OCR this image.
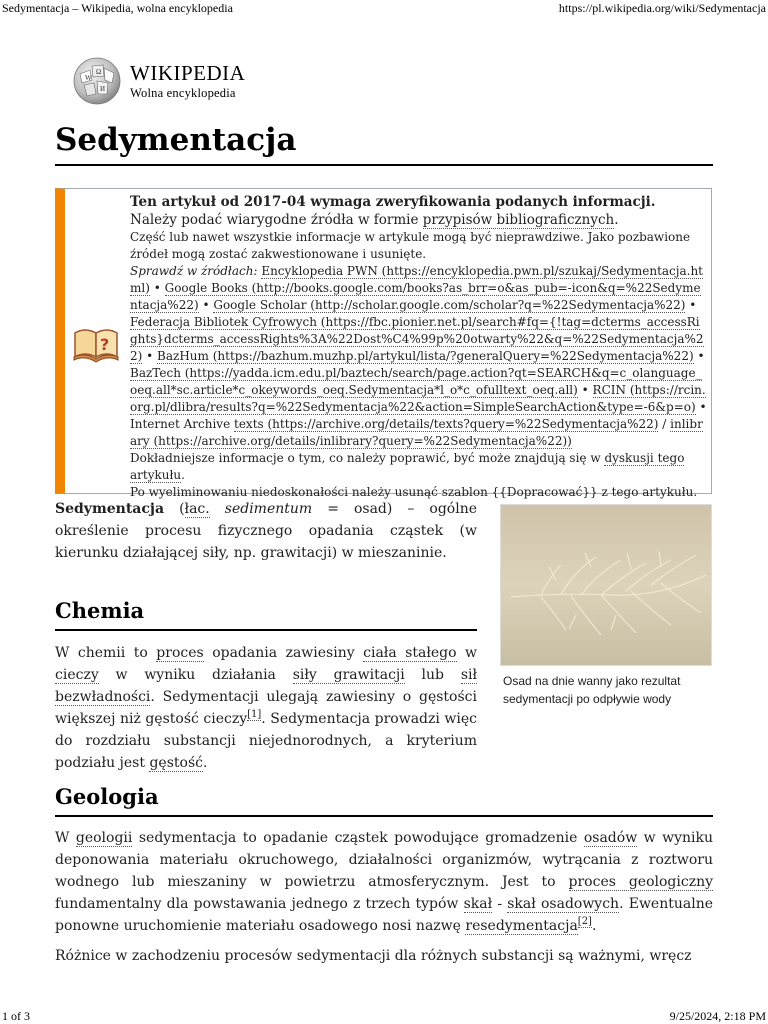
Sedymentacja – Wikipedia, wolna encyklopedia	https://pl.wikipedia.org/wiki/Sedymentacja
W
Ω
И
WIKIPEDIA
Wolna encyklopedia
Sedymentacja
?

Ten artykuł od 2017-04 wymaga zweryfikowania podanych informacji.

Należy podać wiarygodne źródła w formie przypisów bibliograficznych.

Część lub nawet wszystkie informacje w artykule mogą być nieprawdziwe. Jako pozbawione źródeł mogą zostać zakwestionowane i usunięte.

Sprawdź w źródłach: Encyklopedia PWN (https://encyklopedia.pwn.pl/szukaj/Sedymentacja.html) • Google Books (http://books.google.com/books?as_brr=o&as_pub=-icon&q=%22Sedymentacja%22) • Google Scholar (http://scholar.google.com/scholar?q=%22Sedymentacja%22) • Federacja Bibliotek Cyfrowych (https://fbc.pionier.net.pl/search#fq={!tag=dcterms_accessRights}dcterms_accessRights%3A%22Dost%C4%99p%20otwarty%22&q=%22Sedymentacja%22) • BazHum (https://bazhum.muzhp.pl/artykul/lista/?generalQuery=%22Sedymentacja%22) • BazTech (https://yadda.icm.edu.pl/baztech/search/page.action?qt=SEARCH&q=c_olanguage_oeq.all*sc.article*c_okeywords_oeq.Sedymentacja*l_o*c_ofulltext_oeq.all) • RCIN (https://rcin.org.pl/dlibra/results?q=%22Sedymentacja%22&action=SimpleSearchAction&type=-6&p=o) • Internet Archive texts (https://archive.org/details/texts?query=%22Sedymentacja%22) / inlibrary (https://archive.org/details/inlibrary?query=%22Sedymentacja%22))

Dokładniejsze informacje o tym, co należy poprawić, być może znajdują się w dyskusji tego artykułu.

Po wyeliminowaniu niedoskonałości należy usunąć szablon {{Dopracować}} z tego artykułu.

Sedymentacja (łac. sedimentum = osad) – ogólne określenie procesu fizycznego opadania cząstek (w kierunku działającej siły, np. grawitacji) w mieszaninie.

Osad na dnie wanny jako rezultat sedymentacji po odpływie wody
Chemia

W chemii to proces opadania zawiesiny ciała stałego w cieczy w wyniku działania siły grawitacji lub sił bezwładności. Sedymentacji ulegają zawiesiny o gęstości większej niż gęstość cieczy[1]. Sedymentacja prowadzi więc do rozdziału substancji niejednorodnych, a kryterium podziału jest gęstość.

Geologia

W geologii sedymentacja to opadanie cząstek powodujące gromadzenie osadów w wyniku deponowania materiału okruchowego, działalności organizmów, wytrącania z roztworu wodnego lub mieszaniny w powietrzu atmosferycznym. Jest to proces geologiczny fundamentalny dla powstawania jednego z trzech typów skał - skał osadowych. Ewentualne ponowne uruchomienie materiału osadowego nosi nazwę resedymentacja[2].

Różnice w zachodzeniu procesów sedymentacji dla różnych substancji są ważnymi, wręcz

1 of 3	9/25/2024, 2:18 PM
